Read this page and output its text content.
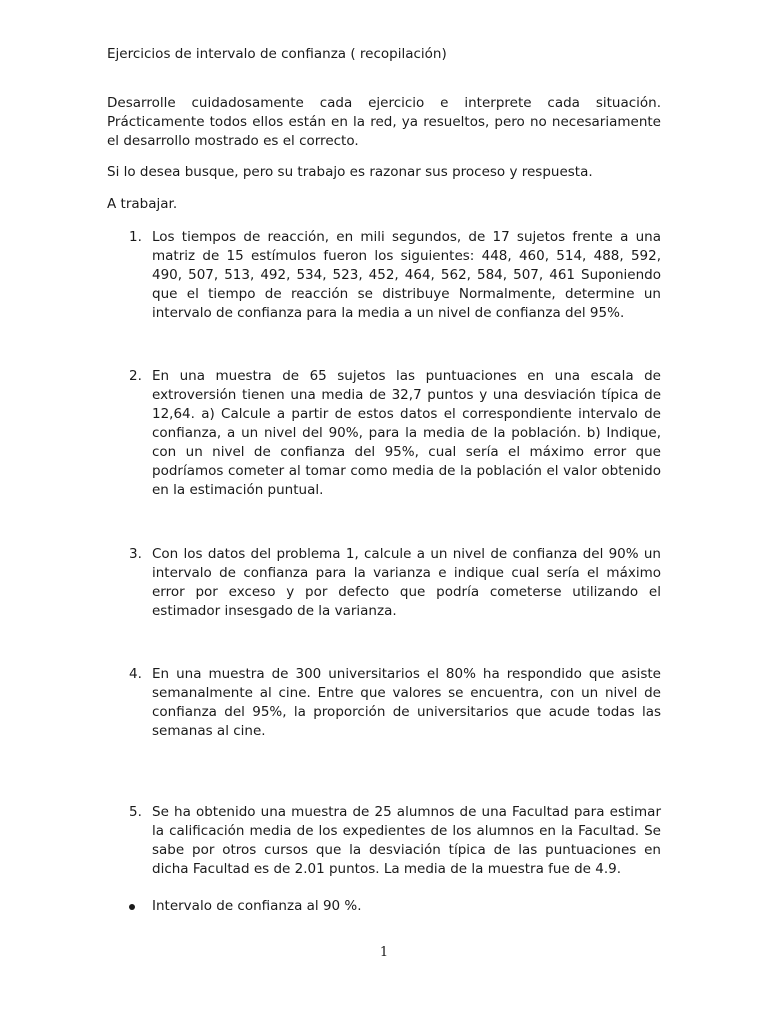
Ejercicios de intervalo de confianza ( recopilación)
Desarrolle cuidadosamente cada ejercicio e interprete cada situación. Prácticamente todos ellos están en la red, ya resueltos, pero no necesariamente el desarrollo mostrado es el correcto.
Si lo desea busque, pero su trabajo es razonar sus proceso y respuesta.
A trabajar.
1. Los tiempos de reacción, en mili segundos, de 17 sujetos frente a una matriz de 15 estímulos fueron los siguientes: 448, 460, 514, 488, 592, 490, 507, 513, 492, 534, 523, 452, 464, 562, 584, 507, 461 Suponiendo que el tiempo de reacción se distribuye Normalmente, determine un intervalo de confianza para la media a un nivel de confianza del 95%.
2. En una muestra de 65 sujetos las puntuaciones en una escala de extroversión tienen una media de 32,7 puntos y una desviación típica de 12,64. a) Calcule a partir de estos datos el correspondiente intervalo de confianza, a un nivel del 90%, para la media de la población. b) Indique, con un nivel de confianza del 95%, cual sería el máximo error que podríamos cometer al tomar como media de la población el valor obtenido en la estimación puntual.
3. Con los datos del problema 1, calcule a un nivel de confianza del 90% un intervalo de confianza para la varianza e indique cual sería el máximo error por exceso y por defecto que podría cometerse utilizando el estimador insesgado de la varianza.
4. En una muestra de 300 universitarios el 80% ha respondido que asiste semanalmente al cine. Entre que valores se encuentra, con un nivel de confianza del 95%, la proporción de universitarios que acude todas las semanas al cine.
5. Se ha obtenido una muestra de 25 alumnos de una Facultad para estimar la calificación media de los expedientes de los alumnos en la Facultad. Se sabe por otros cursos que la desviación típica de las puntuaciones en dicha Facultad es de 2.01 puntos. La media de la muestra fue de 4.9.
Intervalo de confianza al 90 %.
1
